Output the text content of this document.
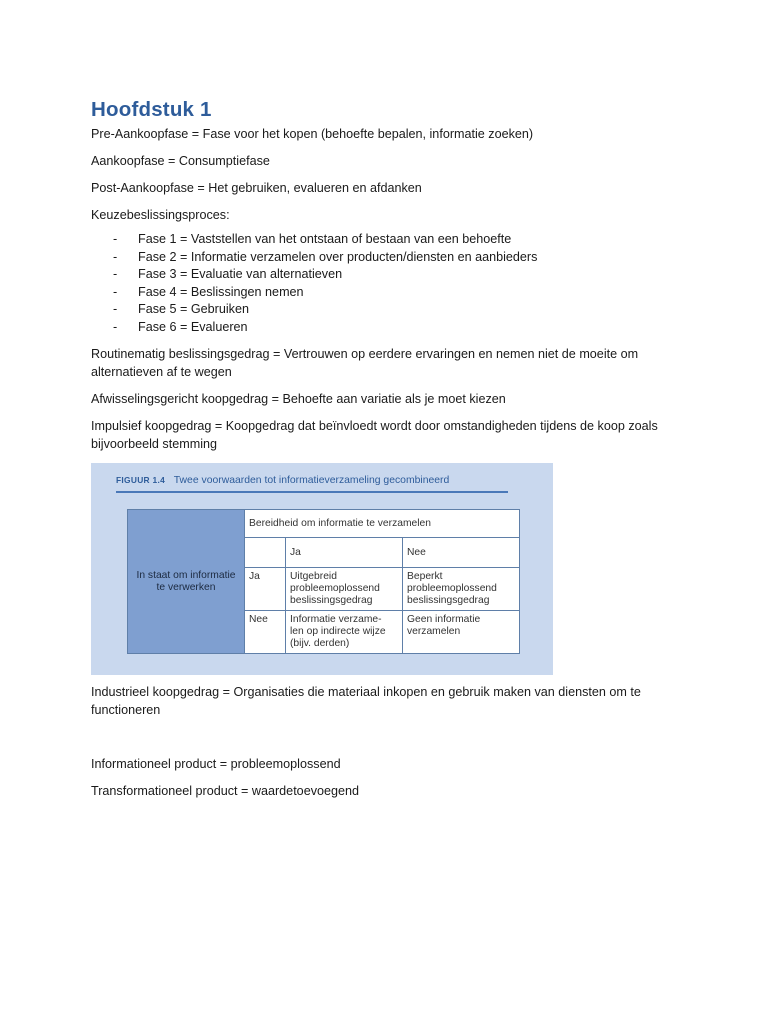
Hoofdstuk 1

Pre-Aankoopfase = Fase voor het kopen (behoefte bepalen, informatie zoeken)

Aankoopfase = Consumptiefase

Post-Aankoopfase = Het gebruiken, evalueren en afdanken

Keuzebeslissingsproces:

- Fase 1 = Vaststellen van het ontstaan of bestaan van een behoefte
- Fase 2 = Informatie verzamelen over producten/diensten en aanbieders
- Fase 3 = Evaluatie van alternatieven
- Fase 4 = Beslissingen nemen
- Fase 5 = Gebruiken
- Fase 6 = Evalueren

Routinematig beslissingsgedrag = Vertrouwen op eerdere ervaringen en nemen niet de moeite om alternatieven af te wegen

Afwisselingsgericht koopgedrag = Behoefte aan variatie als je moet kiezen

Impulsief koopgedrag = Koopgedrag dat beïnvloedt wordt door omstandigheden tijdens de koop zoals bijvoorbeeld stemming

FIGUUR 1.4 Twee voorwaarden tot informatieverzameling gecombineerd
In staat om informatie te verwerken	Bereidheid om informatie te verzamelen		
		Ja	Nee
	Ja	Uitgebreid probleemoplossend beslissingsgedrag	Beperkt probleemoplossend beslissingsgedrag
	Nee	Informatie verzame- len op indirecte wijze (bijv. derden)	Geen informatie verzamelen

Industrieel koopgedrag = Organisaties die materiaal inkopen en gebruik maken van diensten om te functioneren

Informationeel product = probleemoplossend

Transformationeel product = waardetoevoegend
